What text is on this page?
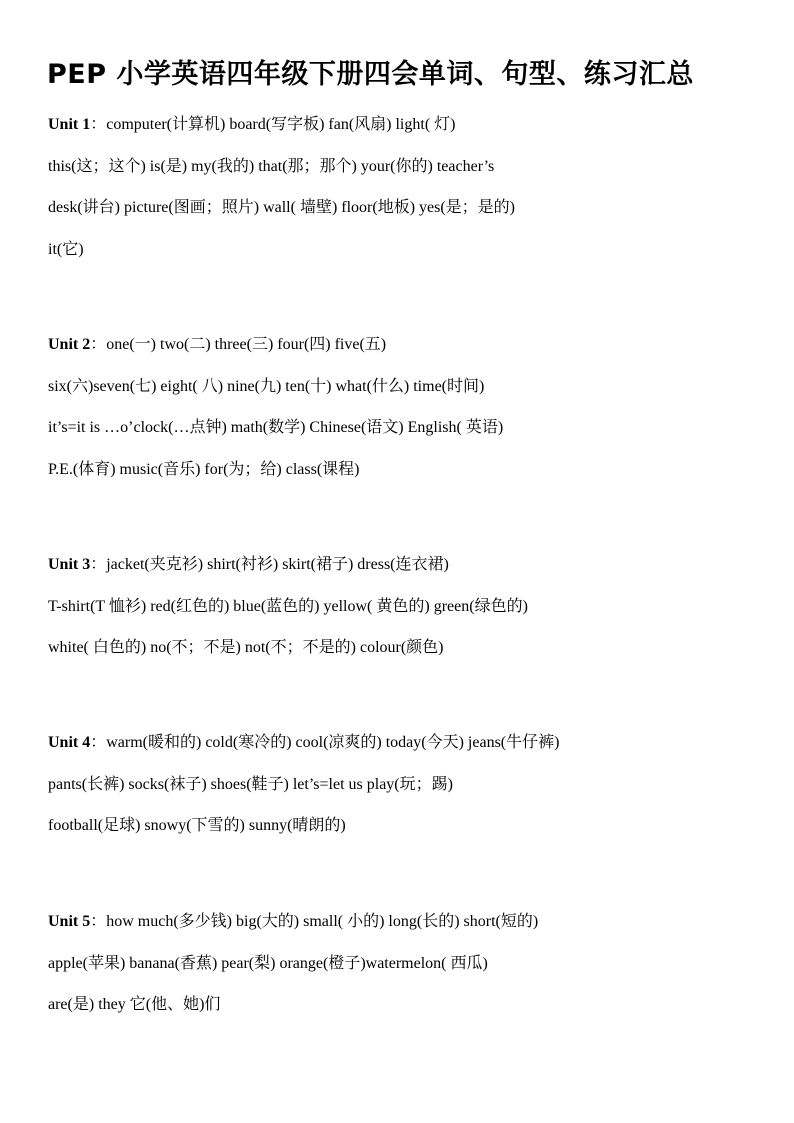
PEP 小学英语四年级下册四会单词、句型、练习汇总
Unit 1：computer(计算机) board(写字板) fan(风扇) light( 灯)
this(这；这个) is(是) my(我的) that(那；那个) your(你的) teacher’s
desk(讲台) picture(图画；照片) wall( 墙壁) floor(地板) yes(是；是的)
it(它)
Unit 2：one(一) two(二) three(三) four(四) five(五)
six(六)seven(七) eight( 八) nine(九) ten(十) what(什么) time(时间)
it’s=it is …o’clock(…点钟) math(数学) Chinese(语文) English( 英语)
P.E.(体育) music(音乐) for(为；给) class(课程)
Unit 3：jacket(夹克衫) shirt(衬衫) skirt(裙子) dress(连衣裙)
T-shirt(T 恤衫) red(红色的) blue(蓝色的) yellow( 黄色的) green(绿色的)
white( 白色的) no(不；不是) not(不；不是的) colour(颜色)
Unit 4：warm(暖和的) cold(寒冷的) cool(凉爽的) today(今天) jeans(牛仔裤)
pants(长裤) socks(袜子) shoes(鞋子) let’s=let us play(玩；踢)
football(足球) snowy(下雪的) sunny(晴朗的)
Unit 5：how much(多少钱) big(大的) small( 小的) long(长的) short(短的)
apple(苹果) banana(香蕉) pear(梨) orange(橙子)watermelon( 西瓜)
are(是) they 它(他、她)们
